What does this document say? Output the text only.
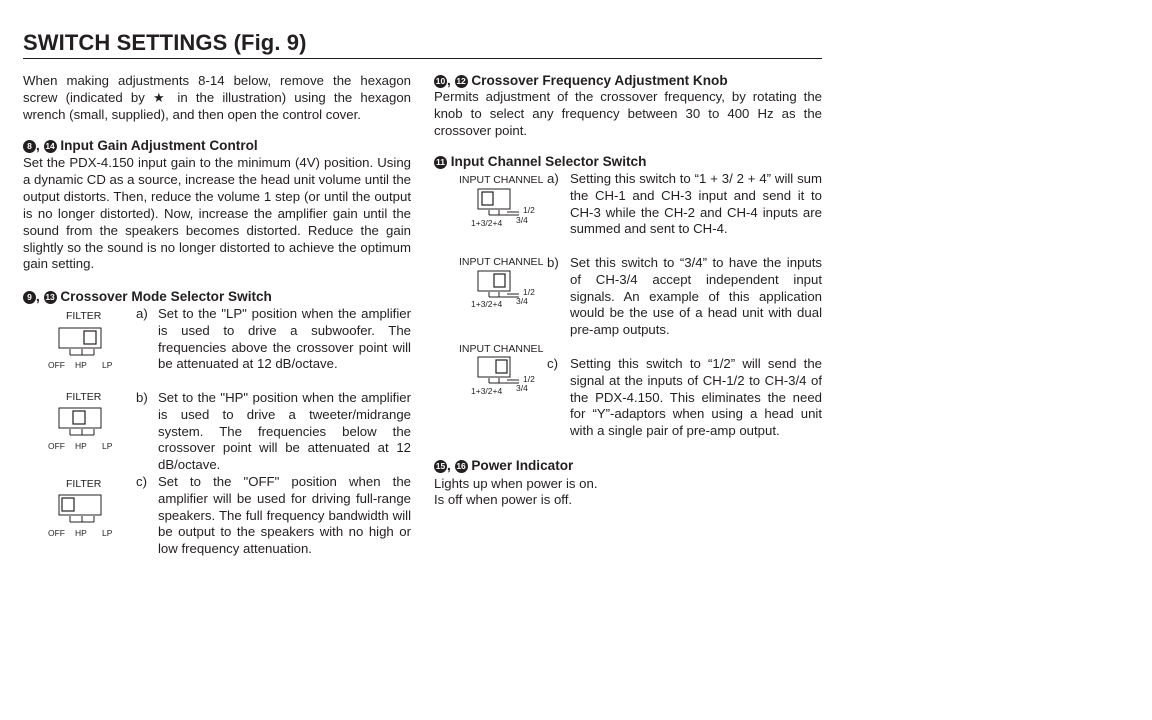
SWITCH SETTINGS (Fig. 9)
When making adjustments 8-14 below, remove the hexagon screw (indicated by ★ in the illustration) using the hexagon wrench (small, supplied), and then open the control cover.
8 , 14 Input Gain Adjustment Control
Set the PDX-4.150 input gain to the minimum (4V) position. Using a dynamic CD as a source, increase the head unit volume until the output distorts. Then, reduce the volume 1 step (or until the output is no longer distorted). Now, increase the amplifier gain until the sound from the speakers becomes distorted. Reduce the gain slightly so the sound is no longer distorted to achieve the optimum gain setting.
9 , 13 Crossover Mode Selector Switch
FILTER
OFF HP LP
a) Set to the "LP" position when the amplifier is used to drive a subwoofer. The frequencies above the crossover point will be attenuated at 12 dB/octave.
FILTER
OFF HP LP
b) Set to the "HP" position when the amplifier is used to drive a tweeter/midrange system. The frequencies below the crossover point will be attenuated at 12 dB/octave.
FILTER
OFF HP LP
c) Set to the "OFF" position when the amplifier will be used for driving full-range speakers. The full frequency bandwidth will be output to the speakers with no high or low frequency attenuation.
10 , 12 Crossover Frequency Adjustment Knob
Permits adjustment of the crossover frequency, by rotating the knob to select any frequency between 30 to 400 Hz as the crossover point.
11 Input Channel Selector Switch
INPUT CHANNEL
1/2
1+3/2+4 3/4
a) Setting this switch to “1 + 3/ 2 + 4” will sum the CH-1 and CH-3 input and send it to CH-3 while the CH-2 and CH-4 inputs are summed and sent to CH-4.
INPUT CHANNEL
1/2
1+3/2+4 3/4
b) Set this switch to “3/4” to have the inputs of CH-3/4 accept independent input signals. An example of this application would be the use of a head unit with dual pre-amp outputs.
INPUT CHANNEL
1/2
1+3/2+4 3/4
c) Setting this switch to “1/2” will send the signal at the inputs of CH-1/2 to CH-3/4 of the PDX-4.150. This eliminates the need for “Y”-adaptors when using a head unit with a single pair of pre-amp output.
15 , 16 Power Indicator
Lights up when power is on.
Is off when power is off.
